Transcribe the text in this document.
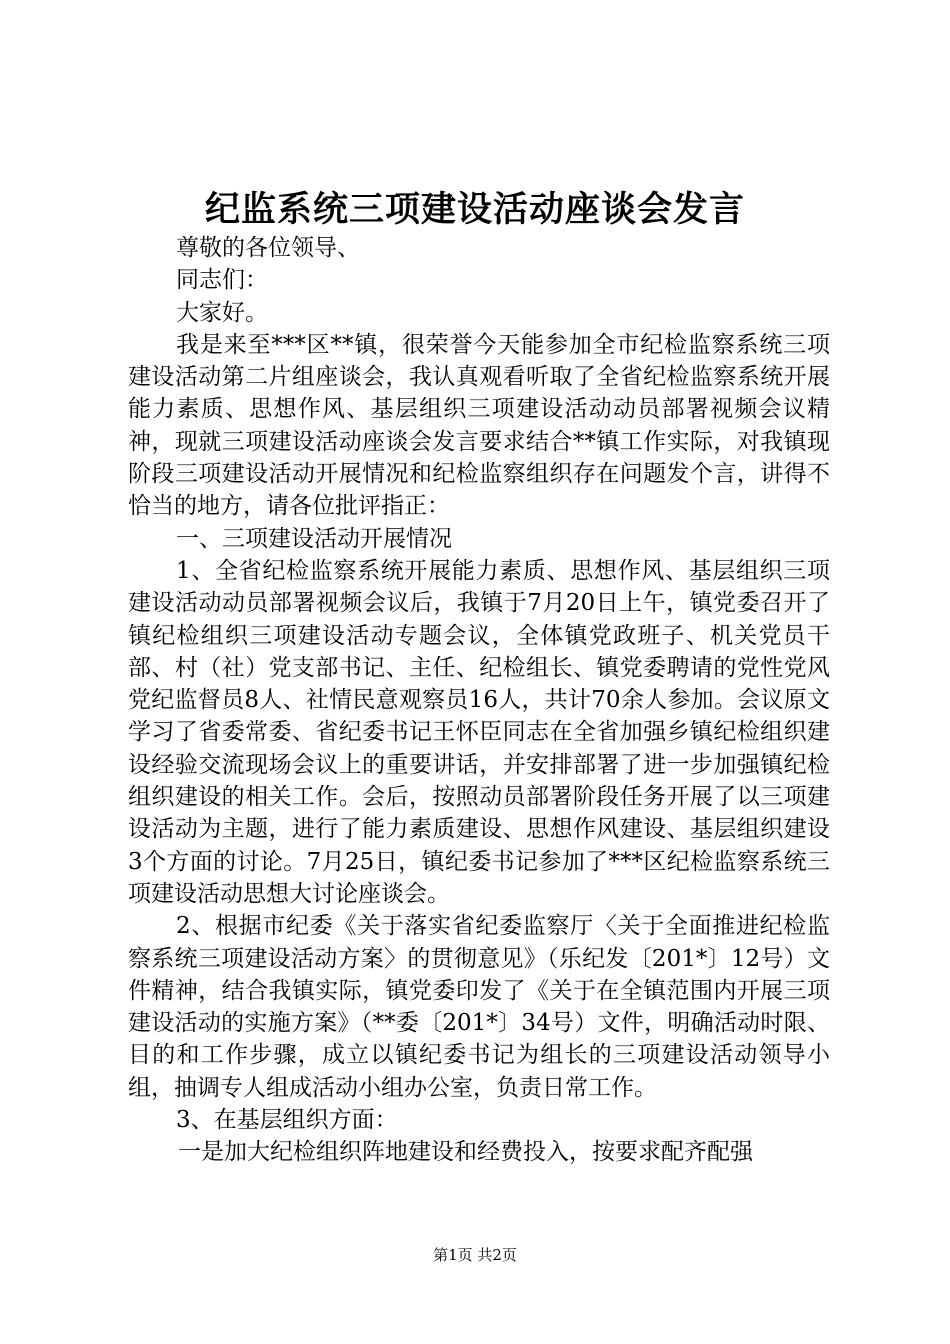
纪监系统三项建设活动座谈会发言

尊敬的各位领导、

同志们：

大家好。

我是来至***区**镇，很荣誉今天能参加全市纪检监察系统三项建设活动第二片组座谈会，我认真观看听取了全省纪检监察系统开展能力素质、思想作风、基层组织三项建设活动动员部署视频会议精神，现就三项建设活动座谈会发言要求结合**镇工作实际，对我镇现阶段三项建设活动开展情况和纪检监察组织存在问题发个言，讲得不恰当的地方，请各位批评指正：

一、三项建设活动开展情况

1、全省纪检监察系统开展能力素质、思想作风、基层组织三项建设活动动员部署视频会议后，我镇于7月20日上午，镇党委召开了镇纪检组织三项建设活动专题会议，全体镇党政班子、机关党员干部、村（社）党支部书记、主任、纪检组长、镇党委聘请的党性党风党纪监督员8人、社情民意观察员16人，共计70余人参加。会议原文学习了省委常委、省纪委书记王怀臣同志在全省加强乡镇纪检组织建设经验交流现场会议上的重要讲话，并安排部署了进一步加强镇纪检组织建设的相关工作。会后，按照动员部署阶段任务开展了以三项建设活动为主题，进行了能力素质建设、思想作风建设、基层组织建设3个方面的讨论。7月25日，镇纪委书记参加了***区纪检监察系统三项建设活动思想大讨论座谈会。

2、根据市纪委《关于落实省纪委监察厅〈关于全面推进纪检监察系统三项建设活动方案〉的贯彻意见》（乐纪发〔201*〕12号）文件精神，结合我镇实际，镇党委印发了《关于在全镇范围内开展三项建设活动的实施方案》（**委〔201*〕34号）文件，明确活动时限、目的和工作步骤，成立以镇纪委书记为组长的三项建设活动领导小组，抽调专人组成活动小组办公室，负责日常工作。

3、在基层组织方面：

一是加大纪检组织阵地建设和经费投入，按要求配齐配强

第1页 共2页
